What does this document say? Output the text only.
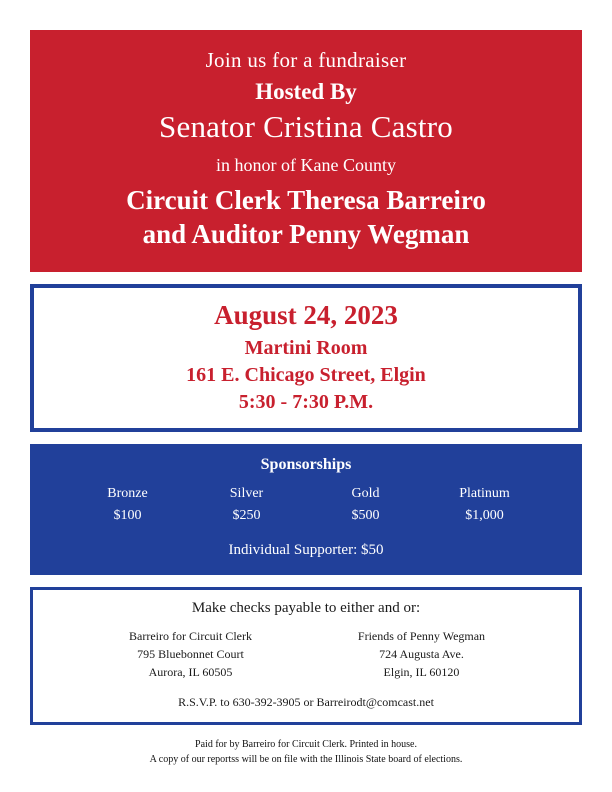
Join us for a fundraiser
Hosted By
Senator Cristina Castro
in honor of Kane County
Circuit Clerk Theresa Barreiro
and Auditor Penny Wegman
August 24, 2023
Martini Room
161 E. Chicago Street, Elgin
5:30 - 7:30 P.M.
Sponsorships
Bronze
$100
Silver
$250
Gold
$500
Platinum
$1,000
Individual Supporter: $50
Make checks payable to either and or:
Barreiro for Circuit Clerk
795 Bluebonnet Court
Aurora, IL 60505
Friends of Penny Wegman
724 Augusta Ave.
Elgin, IL 60120
R.S.V.P. to 630-392-3905 or Barreirodt@comcast.net
Paid for by Barreiro for Circuit Clerk. Printed in house.
A copy of our reportss will be on file with the Illinois State board of elections.
